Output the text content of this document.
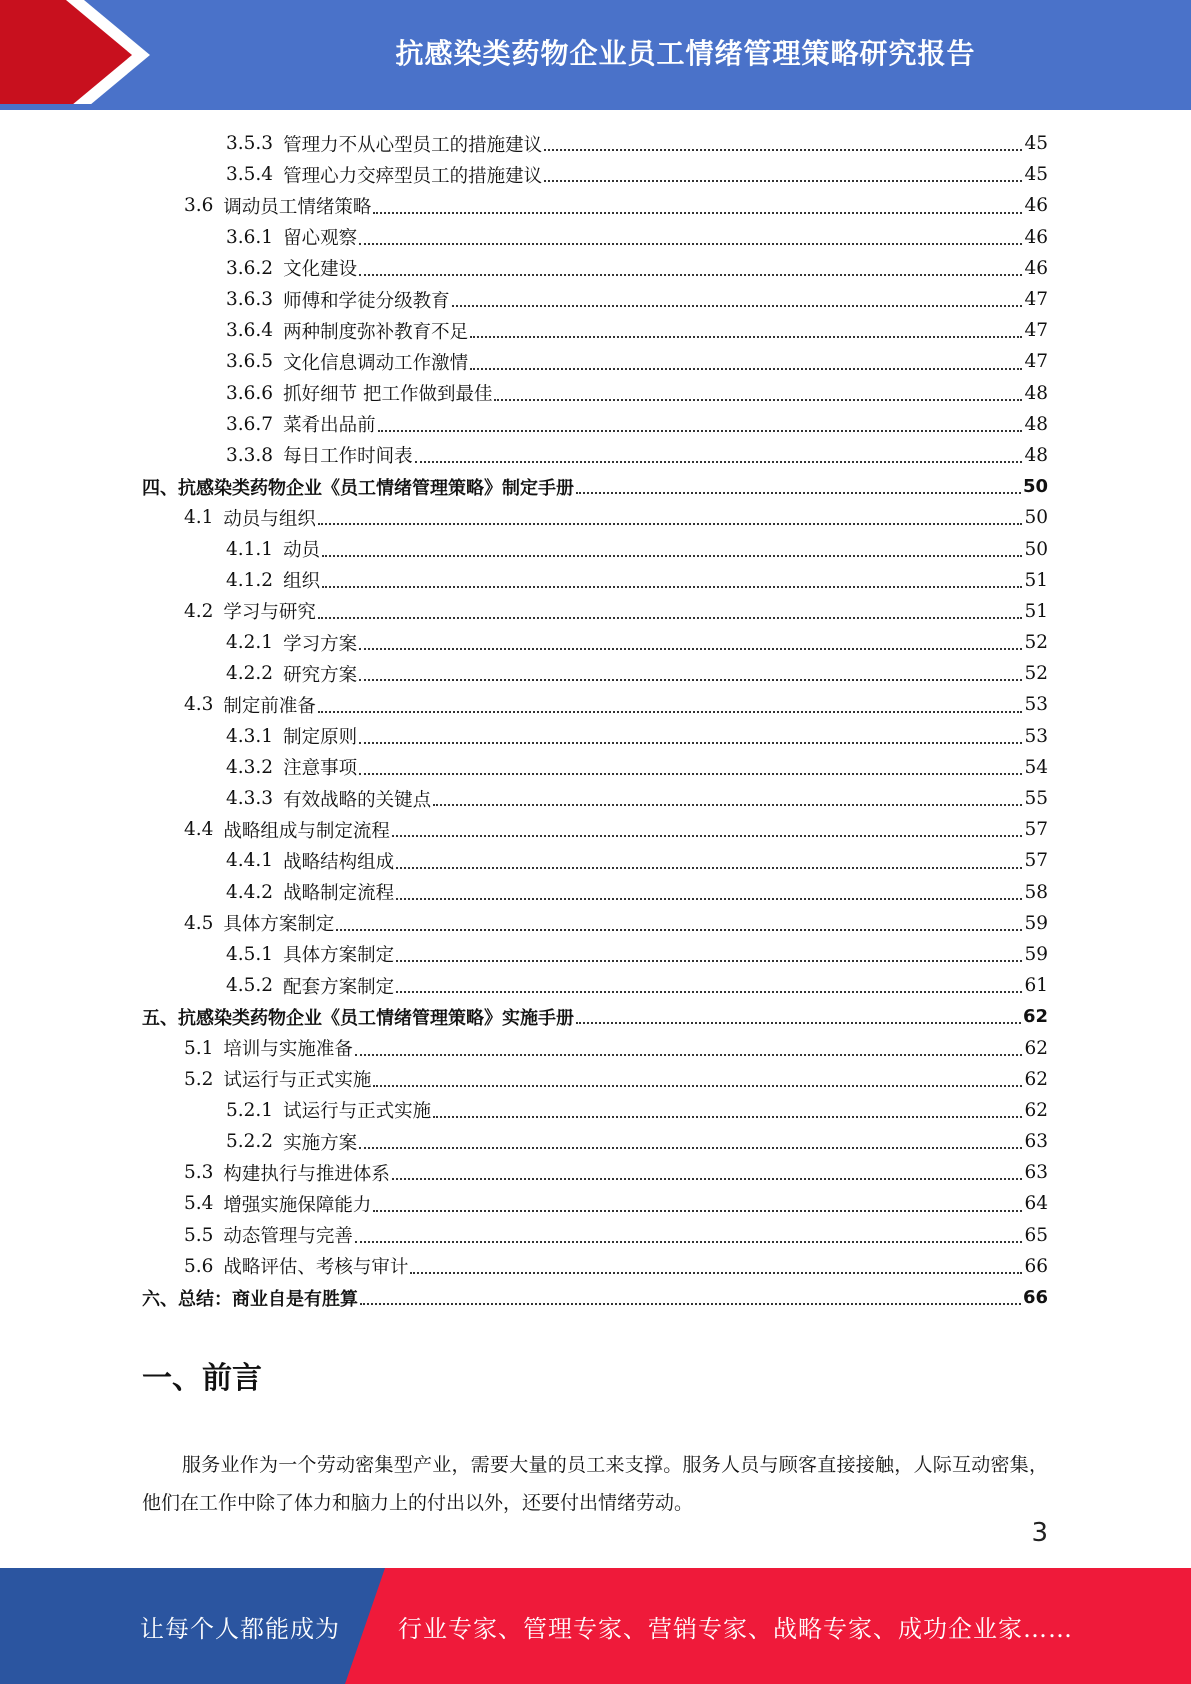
抗感染类药物企业员工情绪管理策略研究报告
3.5.3 管理力不从心型员工的措施建议	45
3.5.4 管理心力交瘁型员工的措施建议	45
3.6 调动员工情绪策略	46
3.6.1 留心观察	46
3.6.2 文化建设	46
3.6.3 师傅和学徒分级教育	47
3.6.4 两种制度弥补教育不足	47
3.6.5 文化信息调动工作激情	47
3.6.6 抓好细节 把工作做到最佳	48
3.6.7 菜肴出品前	48
3.3.8 每日工作时间表	48
四、抗感染类药物企业《员工情绪管理策略》制定手册	50
4.1 动员与组织	50
4.1.1 动员	50
4.1.2 组织	51
4.2 学习与研究	51
4.2.1 学习方案	52
4.2.2 研究方案	52
4.3 制定前准备	53
4.3.1 制定原则	53
4.3.2 注意事项	54
4.3.3 有效战略的关键点	55
4.4 战略组成与制定流程	57
4.4.1 战略结构组成	57
4.4.2 战略制定流程	58
4.5 具体方案制定	59
4.5.1 具体方案制定	59
4.5.2 配套方案制定	61
五、抗感染类药物企业《员工情绪管理策略》实施手册	62
5.1 培训与实施准备	62
5.2 试运行与正式实施	62
5.2.1 试运行与正式实施	62
5.2.2 实施方案	63
5.3 构建执行与推进体系	63
5.4 增强实施保障能力	64
5.5 动态管理与完善	65
5.6 战略评估、考核与审计	66
六、总结：商业自是有胜算	66
一、前言

服务业作为一个劳动密集型产业，需要大量的员工来支撑。服务人员与顾客直接接触，人际互动密集，他们在工作中除了体力和脑力上的付出以外，还要付出情绪劳动。

3
让每个人都能成为 行业专家、管理专家、营销专家、战略专家、成功企业家……
